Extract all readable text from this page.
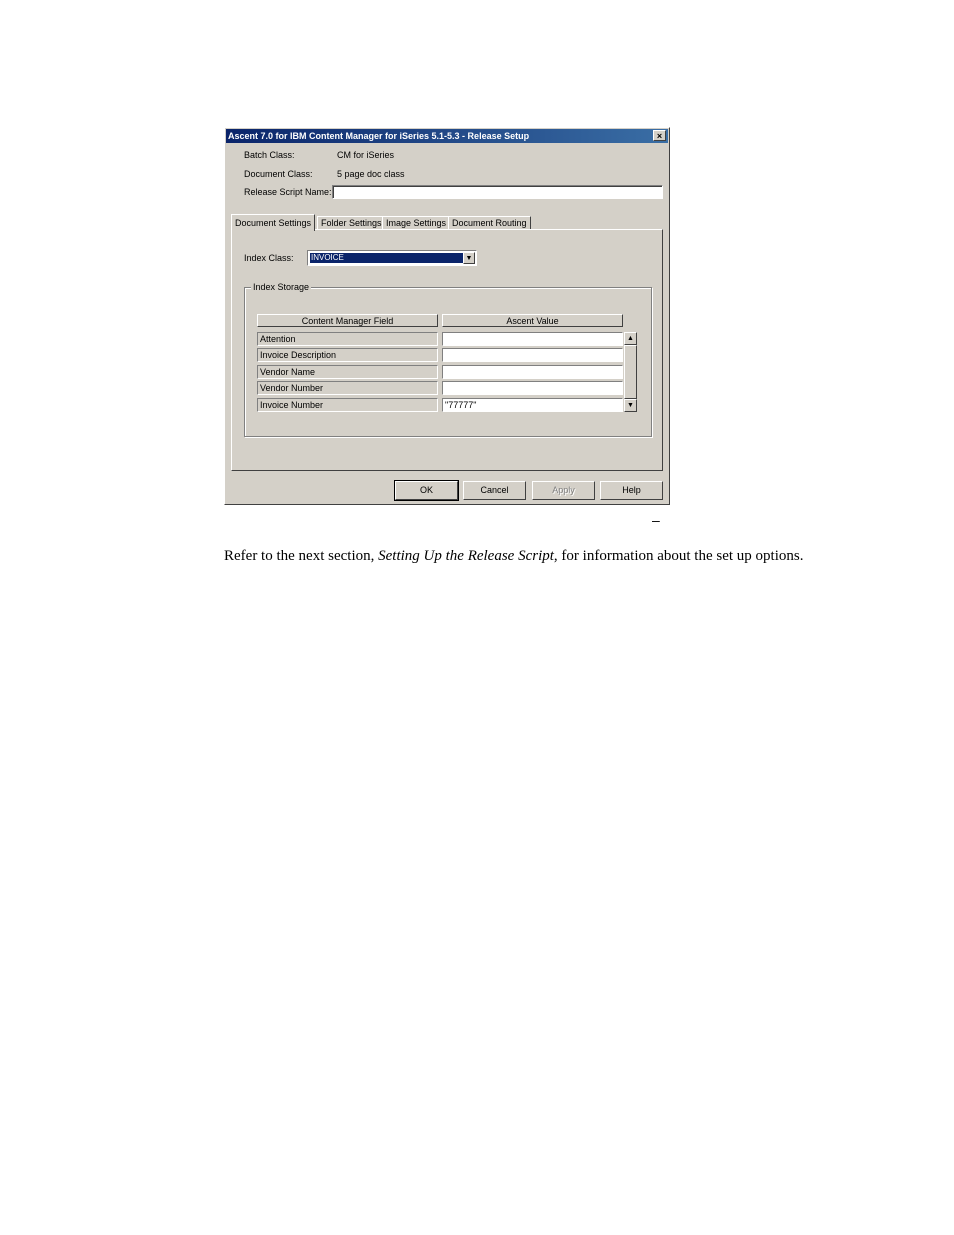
Ascent 7.0 for IBM Content Manager for iSeries 5.1-5.3 - Release Setup	×
Batch Class:	CM for iSeries
Document Class:	5 page doc class
Release Script Name:
Document Settings	Folder Settings Image Settings Document Routing
Index Class: INVOICE	▼
Index Storage
Content Manager Field	Ascent Value
Attention
Invoice Description
Vendor Name
Vendor Number
Invoice Number	"77777"
▲
▼
OK	Cancel	Apply	Help
–
Refer to the next section, Setting Up the Release Script, for information about the set up options.
